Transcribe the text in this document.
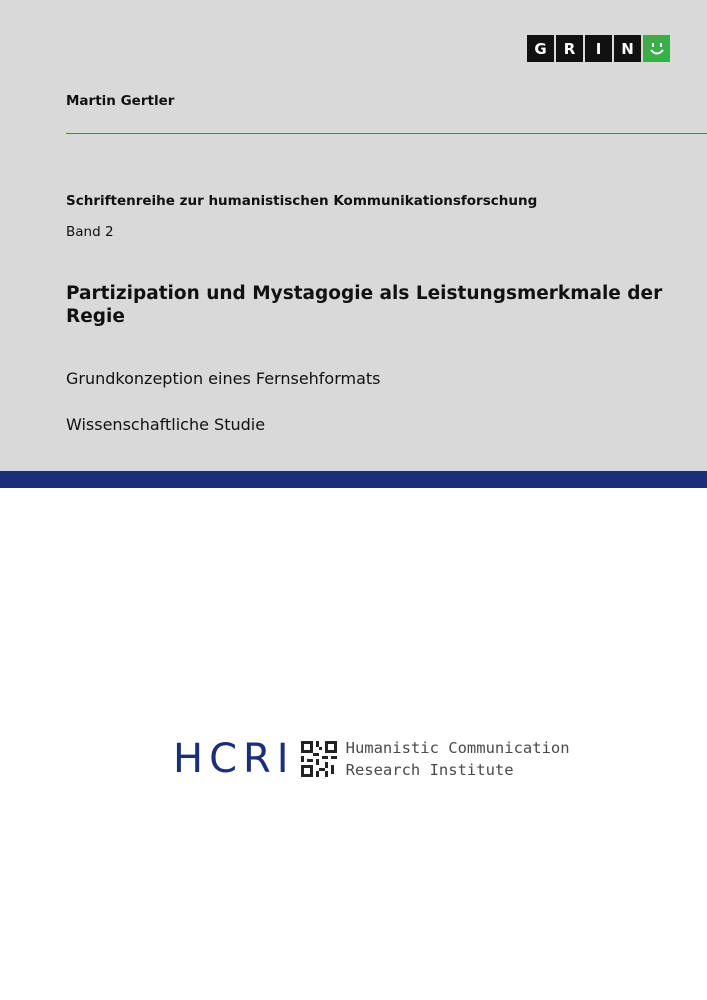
G	R	I	N

Martin Gertler

Schriftenreihe zur humanistischen Kommunikationsforschung

Band 2

Partizipation und Mystagogie als Leistungsmerkmale der Regie

Grundkonzeption eines Fernsehformats

Wissenschaftliche Studie

HCRI	Humanistic Communication
Research Institute
